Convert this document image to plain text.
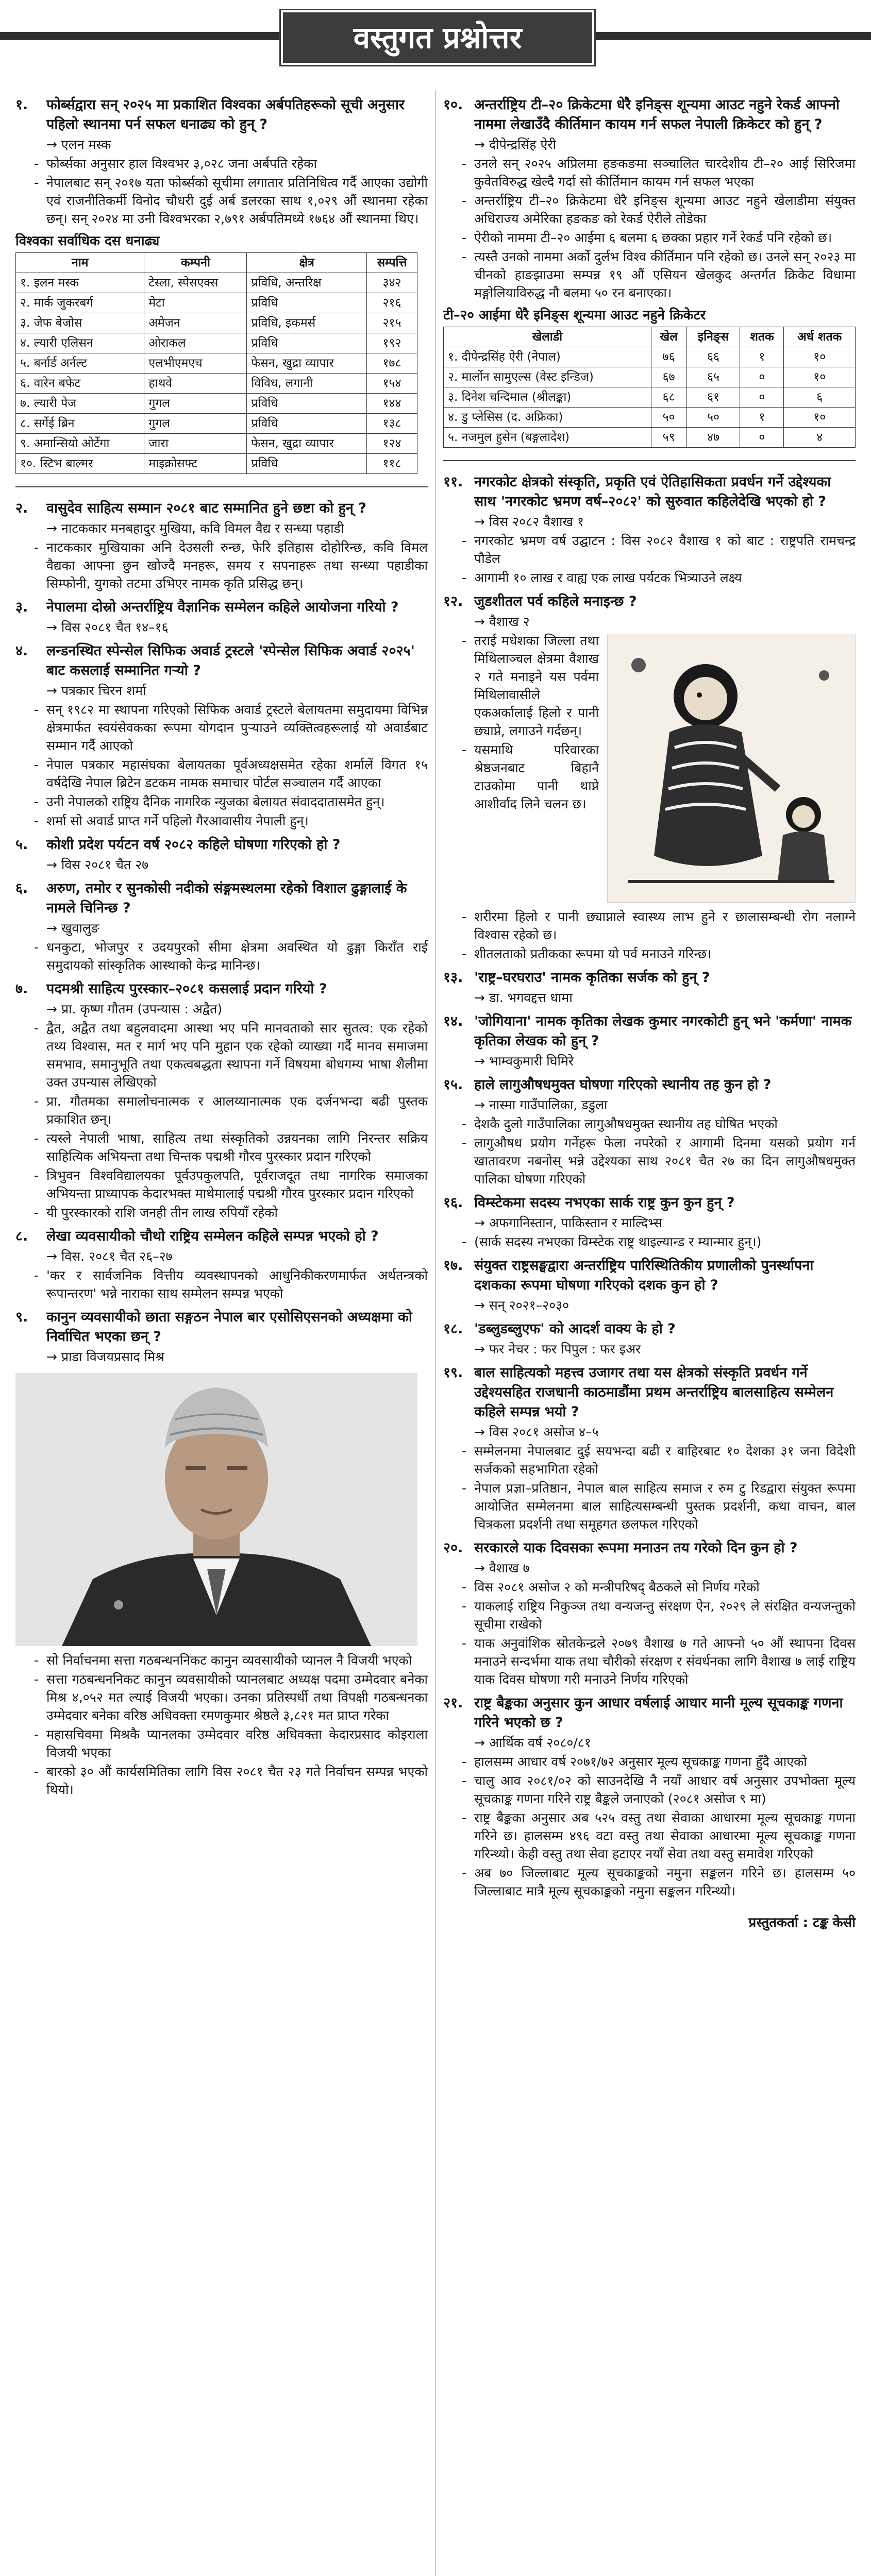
वस्तुगत प्रश्नोत्तर
१.	फोर्ब्सद्वारा सन् २०२५ मा प्रकाशित विश्वका अर्बपतिहरूको सूची अनुसार पहिलो स्थानमा पर्न सफल धनाढ्य को हुन् ?
→ एलन मस्क
- फोर्ब्सका अनुसार हाल विश्वभर ३,०२८ जना अर्बपति रहेका
- नेपालबाट सन् २०१७ यता फोर्ब्सको सूचीमा लगातार प्रतिनिधित्व गर्दै आएका उद्योगी एवं राजनीतिकर्मी विनोद चौधरी दुई अर्ब डलरका साथ १,०२९ औं स्थानमा रहेका छन्। सन् २०२४ मा उनी विश्वभरका २,७९१ अर्बपतिमध्ये १७६४ औं स्थानमा थिए।
विश्वका सर्वाधिक दस धनाढ्य
नाम	कम्पनी	क्षेत्र	सम्पत्ति
१. इलन मस्क	टेस्ला, स्पेसएक्स	प्रविधि, अन्तरिक्ष	३४२
२. मार्क जुकरबर्ग	मेटा	प्रविधि	२१६
३. जेफ बेजोस	अमेजन	प्रविधि, इकमर्स	२१५
४. ल्यारी एलिसन	ओराकल	प्रविधि	१९२
५. बर्नार्ड अर्नल्ट	एलभीएमएच	फेसन, खुद्रा व्यापार	१७८
६. वारेन बफेट	हाथवे	विविध, लगानी	१५४
७. ल्यारी पेज	गुगल	प्रविधि	१४४
८. सर्गेई ब्रिन	गुगल	प्रविधि	१३८
९. अमान्सियो ओर्टेगा	जारा	फेसन, खुद्रा व्यापार	१२४
१०. स्टिभ बाल्मर	माइक्रोसफ्ट	प्रविधि	११८
२.	वासुदेव साहित्य सम्मान २०८१ बाट सम्मानित हुने छष्टा को हुन् ?
→ नाटककार मनबहादुर मुखिया, कवि विमल वैद्य र सन्ध्या पहाडी
- नाटककार मुखियाका अनि देउसली रुन्छ, फेरि इतिहास दोहोरिन्छ, कवि विमल वैद्यका आफ्ना छुन खोज्दै मनहरू, समय र सपनाहरू तथा सन्ध्या पहाडीका सिम्फोनी, युगको तटमा उभिएर नामक कृति प्रसिद्ध छन्।
३.	नेपालमा दोस्रो अन्तर्राष्ट्रिय वैज्ञानिक सम्मेलन कहिले आयोजना गरियो ?
→ विस २०८१ चैत १४–१६
४.	लन्डनस्थित स्पेन्सेल सिफिक अवार्ड ट्रस्टले 'स्पेन्सेल सिफिक अवार्ड २०२५' बाट कसलाई सम्मानित गऱ्यो ?
→ पत्रकार चिरन शर्मा
- सन् १९८२ मा स्थापना गरिएको सिफिक अवार्ड ट्रस्टले बेलायतमा समुदायमा विभिन्न क्षेत्रमार्फत स्वयंसेवकका रूपमा योगदान पुऱ्याउने व्यक्तित्वहरूलाई यो अवार्डबाट सम्मान गर्दै आएको
- नेपाल पत्रकार महासंघका बेलायतका पूर्वअध्यक्षसमेत रहेका शर्मालें विगत १५ वर्षदेखि नेपाल ब्रिटेन डटकम नामक समाचार पोर्टल सञ्चालन गर्दै आएका
- उनी नेपालको राष्ट्रिय दैनिक नागरिक न्युजका बेलायत संवाददातासमेत हुन्।
- शर्मा सो अवार्ड प्राप्त गर्ने पहिलो गैरआवासीय नेपाली हुन्।
५.	कोशी प्रदेश पर्यटन वर्ष २०८२ कहिले घोषणा गरिएको हो ?
→ विस २०८१ चैत २७
६.	अरुण, तमोर र सुनकोसी नदीको संङ्गमस्थलमा रहेको विशाल ढुङ्गालाई के नामले चिनिन्छ ?
→ खुवालुङ
- धनकुटा, भोजपुर र उदयपुरको सीमा क्षेत्रमा अवस्थित यो ढुङ्गा किराँत राई समुदायको सांस्कृतिक आस्थाको केन्द्र मानिन्छ।
७.	पदमश्री साहित्य पुरस्कार–२०८१ कसलाई प्रदान गरियो ?
→ प्रा. कृष्ण गौतम (उपन्यास : अद्वैत)
- द्वैत, अद्वैत तथा बहुलवादमा आस्था भए पनि मानवताको सार सुतत्व: एक रहेको तथ्य विश्वास, मत र मार्ग भए पनि मुहान एक रहेको व्याख्या गर्दै मानव समाजमा समभाव, समानुभूति तथा एकत्वबद्धता स्थापना गर्ने विषयमा बोधगम्य भाषा शैलीमा उक्त उपन्यास लेखिएको
- प्रा. गौतमका समालोचनात्मक र आलय्यानात्मक एक दर्जनभन्दा बढी पुस्तक प्रकाशित छन्।
- त्यस्ले नेपाली भाषा, साहित्य तथा संस्कृतिको उन्नयनका लागि निरन्तर सक्रिय साहित्यिक अभियन्ता तथा चिन्तक पद्मश्री गौरव पुरस्कार प्रदान गरिएको
- त्रिभुवन विश्वविद्यालयका पूर्वउपकुलपति, पूर्वराजदूत तथा नागरिक समाजका अभियन्ता प्राध्यापक केदारभक्त माथेमालाई पद्मश्री गौरव पुरस्कार प्रदान गरिएको
- यी पुरस्कारको राशि जनही तीन लाख रुपियाँ रहेको
८.	लेखा व्यवसायीको चौथो राष्ट्रिय सम्मेलन कहिले सम्पन्न भएको हो ?
→ विस. २०८१ चैत २६–२७
- 'कर र सार्वजनिक वित्तीय व्यवस्थापनको आधुनिकीकरणमार्फत अर्थतन्त्रको रूपान्तरण' भन्ने नाराका साथ सम्मेलन सम्पन्न भएको
९.	कानुन व्यवसायीको छाता सङ्गठन नेपाल बार एसोसिएसनको अध्यक्षमा को निर्वाचित भएका छन् ?
→ प्राडा विजयप्रसाद मिश्र
- सो निर्वाचनमा सत्ता गठबन्धननिकट कानुन व्यवसायीको प्यानल नै विजयी भएको
- सत्ता गठबन्धननिकट कानुन व्यवसायीको प्यानलबाट अध्यक्ष पदमा उम्मेदवार बनेका मिश्र ४,०५२ मत ल्याई विजयी भएका। उनका प्रतिस्पर्धी तथा विपक्षी गठबन्धनका उम्मेदवार बनेका वरिष्ठ अधिवक्ता रमणकुमार श्रेष्ठले ३,८२१ मत प्राप्त गरेका
- महासचिवमा मिश्रकै प्यानलका उम्मेदवार वरिष्ठ अधिवक्ता केदारप्रसाद कोइराला विजयी भएका
- बारको ३० औं कार्यसमितिका लागि विस २०८१ चैत २३ गते निर्वाचन सम्पन्न भएको थियो।
१०. अन्तर्राष्ट्रिय टी–२० क्रिकेटमा धेरै इनिङ्स शून्यमा आउट नहुने रेकर्ड आफ्नो नाममा लेखाउँदै कीर्तिमान कायम गर्न सफल नेपाली क्रिकेटर को हुन् ?
→ दीपेन्द्रसिंह ऐरी
- उनले सन् २०२५ अप्रिलमा हङकङमा सञ्चालित चारदेशीय टी–२० आई सिरिजमा कुवेतविरुद्ध खेल्दै गर्दा सो कीर्तिमान कायम गर्न सफल भएका
- अन्तर्राष्ट्रिय टी–२० क्रिकेटमा धेरै इनिङ्स शून्यमा आउट नहुने खेलाडीमा संयुक्त अधिराज्य अमेरिका हङकङ को रेकर्ड ऐरीले तोडेका
- ऐरीको नाममा टी–२० आईमा ६ बलमा ६ छक्का प्रहार गर्ने रेकर्ड पनि रहेको छ।
- त्यस्तै उनको नाममा अर्को दुर्लभ विश्व कीर्तिमान पनि रहेको छ। उनले सन् २०२३ मा चीनको हाङझाउमा सम्पन्न १९ औं एसियन खेलकुद अन्तर्गत क्रिकेट विधामा मङ्गोलियाविरुद्ध नौ बलमा ५० रन बनाएका।
टी–२० आईमा धेरै इनिङ्स शून्यमा आउट नहुने क्रिकेटर
खेलाडी	खेल	इनिङ्स	शतक	अर्ध शतक
१. दीपेन्द्रसिंह ऐरी (नेपाल)	७६	६६	१	१०
२. मार्लोन सामुएल्स (वेस्ट इन्डिज)	६७	६५	०	१०
३. दिनेश चन्दिमाल (श्रीलङ्का)	६८	६१	०	६
४. डु प्लेसिस (द. अफ्रिका)	५०	५०	१	१०
५. नजमुल हुसेन (बङ्गलादेश)	५९	४७	०	४
११. नगरकोट क्षेत्रको संस्कृति, प्रकृति एवं ऐतिहासिकता प्रवर्धन गर्ने उद्देश्यका साथ 'नगरकोट भ्रमण वर्ष–२०८२' को सुरुवात कहिलेदेखि भएको हो ?
→ विस २०८२ वैशाख १
- नगरकोट भ्रमण वर्ष उद्घाटन : विस २०८२ वैशाख १ को बाट : राष्ट्रपति रामचन्द्र पौडेल
- आगामी १० लाख र वाह्य एक लाख पर्यटक भित्र्याउने लक्ष्य
१२. जुडशीतल पर्व कहिले मनाइन्छ ?
→ वैशाख २
- तराई मधेशका जिल्ला तथा मिथिलाञ्चल क्षेत्रमा वैशाख २ गते मनाइने यस पर्वमा मिथिलावासीले एकअर्कालाई हिलो र पानी छ्याप्ने, लगाउने गर्दछन्।
- यसमाथि परिवारका श्रेष्ठजनबाट बिहानै टाउकोमा पानी थाप्ने आशीर्वाद लिने चलन छ।
- शरीरमा हिलो र पानी छ्याप्नाले स्वास्थ्य लाभ हुने र छालासम्बन्धी रोग नलाग्ने विश्वास रहेको छ।
- शीतलताको प्रतीकका रूपमा यो पर्व मनाउने गरिन्छ।
१३. 'राष्ट्र–घरघराउ' नामक कृतिका सर्जक को हुन् ?
→ डा. भगवद्दत्त धामा
१४. 'जोगियाना' नामक कृतिका लेखक कुमार नगरकोटी हुन् भने 'कर्मणा' नामक कृतिका लेखक को हुन् ?
→ भाम्वकुमारी घिमिरे
१५. हाले लागुऔषधमुक्त घोषणा गरिएको स्थानीय तह कुन हो ?
→ नास्मा गाउँपालिका, डडुला
- देशकै दुलो गाउँपालिका लागुऔषधमुक्त स्थानीय तह घोषित भएको
- लागुऔषध प्रयोग गर्नेहरू फेला नपरेको र आगामी दिनमा यसको प्रयोग गर्न खातावरण नबनोस् भन्ने उद्देश्यका साथ २०८१ चैत २७ का दिन लागुऔषधमुक्त पालिका घोषणा गरिएको
१६. विम्स्टेकमा सदस्य नभएका सार्क राष्ट्र कुन कुन हुन् ?
→ अफगानिस्तान, पाकिस्तान र माल्दिभ्स
- (सार्क सदस्य नभएका विम्स्टेक राष्ट्र थाइल्यान्ड र म्यान्मार हुन्।)
१७. संयुक्त राष्ट्रसङ्घद्वारा अन्तर्राष्ट्रिय पारिस्थितिकीय प्रणालीको पुनर्स्थापना दशकका रूपमा घोषणा गरिएको दशक कुन हो ?
→ सन् २०२१–२०३०
१८. 'डब्लुडब्लुएफ' को आदर्श वाक्य के हो ?
→ फर नेचर : फर पिपुल : फर इअर
१९. बाल साहित्यको महत्त्व उजागर तथा यस क्षेत्रको संस्कृति प्रवर्धन गर्ने उद्देश्यसहित राजधानी काठमाडौंमा प्रथम अन्तर्राष्ट्रिय बालसाहित्य सम्मेलन कहिले सम्पन्न भयो ?
→ विस २०८१ असोज ४–५
- सम्मेलनमा नेपालबाट दुई सयभन्दा बढी र बाहिरबाट १० देशका ३१ जना विदेशी सर्जकको सहभागिता रहेको
- नेपाल प्रज्ञा–प्रतिष्ठान, नेपाल बाल साहित्य समाज र रुम टु रिडद्वारा संयुक्त रूपमा आयोजित सम्मेलनमा बाल साहित्यसम्बन्धी पुस्तक प्रदर्शनी, कथा वाचन, बाल चित्रकला प्रदर्शनी तथा समूहगत छलफल गरिएको
२०. सरकारले याक दिवसका रूपमा मनाउन तय गरेको दिन कुन हो ?
→ वैशाख ७
- विस २०८१ असोज २ को मन्त्रीपरिषद् बैठकले सो निर्णय गरेको
- याकलाई राष्ट्रिय निकुञ्ज तथा वन्यजन्तु संरक्षण ऐन, २०२९ ले संरक्षित वन्यजन्तुको सूचीमा राखेको
- याक अनुवांशिक स्रोतकेन्द्रले २०७९ वैशाख ७ गते आफ्नो ५० औं स्थापना दिवस मनाउने सन्दर्भमा याक तथा चौरीको संरक्षण र संवर्धनका लागि वैशाख ७ लाई राष्ट्रिय याक दिवस घोषणा गरी मनाउने निर्णय गरिएको
२१. राष्ट्र बैङ्कका अनुसार कुन आधार वर्षलाई आधार मानी मूल्य सूचकाङ्क गणना गरिने भएको छ ?
→ आर्थिक वर्ष २०८०/८१
- हालसम्म आधार वर्ष २०७१/७२ अनुसार मूल्य सूचकाङ्क गणना हुँदै आएको
- चालु आव २०८१/०२ को साउनदेखि नै नयाँ आधार वर्ष अनुसार उपभोक्ता मूल्य सूचकाङ्क गणना गरिने राष्ट्र बैङ्कले जनाएको (२०८१ असोज ९ मा)
- राष्ट्र बैङ्कका अनुसार अब ५२५ वस्तु तथा सेवाका आधारमा मूल्य सूचकाङ्क गणना गरिने छ। हालसम्म ४९६ वटा वस्तु तथा सेवाका आधारमा मूल्य सूचकाङ्क गणना गरिन्थ्यो। केही वस्तु तथा सेवा हटाएर नयाँ सेवा तथा वस्तु समावेश गरिएको
- अब ७० जिल्लाबाट मूल्य सूचकाङ्कको नमुना सङ्कलन गरिने छ। हालसम्म ५० जिल्लाबाट मात्रै मूल्य सूचकाङ्कको नमुना सङ्कलन गरिन्थ्यो।
प्रस्तुतकर्ता : टङ्क केसी
